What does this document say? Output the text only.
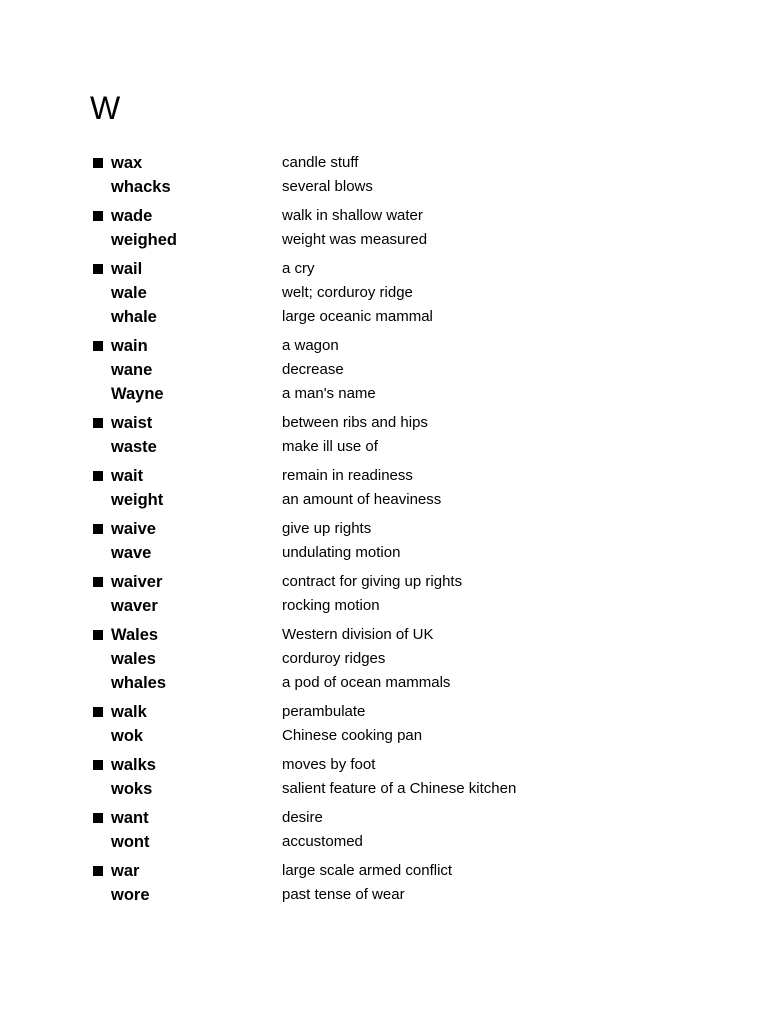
W
wax	candle stuff
whacks	several blows
wade	walk in shallow water
weighed	weight was measured
wail	a cry
wale	welt; corduroy ridge
whale	large oceanic mammal
wain	a wagon
wane	decrease
Wayne	a man's name
waist	between ribs and hips
waste	make ill use of
wait	remain in readiness
weight	an amount of heaviness
waive	give up rights
wave	undulating motion
waiver	contract for giving up rights
waver	rocking motion
Wales	Western division of UK
wales	corduroy ridges
whales	a pod of ocean mammals
walk	perambulate
wok	Chinese cooking pan
walks	moves by foot
woks	salient feature of a Chinese kitchen
want	desire
wont	accustomed
war	large scale armed conflict
wore	past tense of wear
